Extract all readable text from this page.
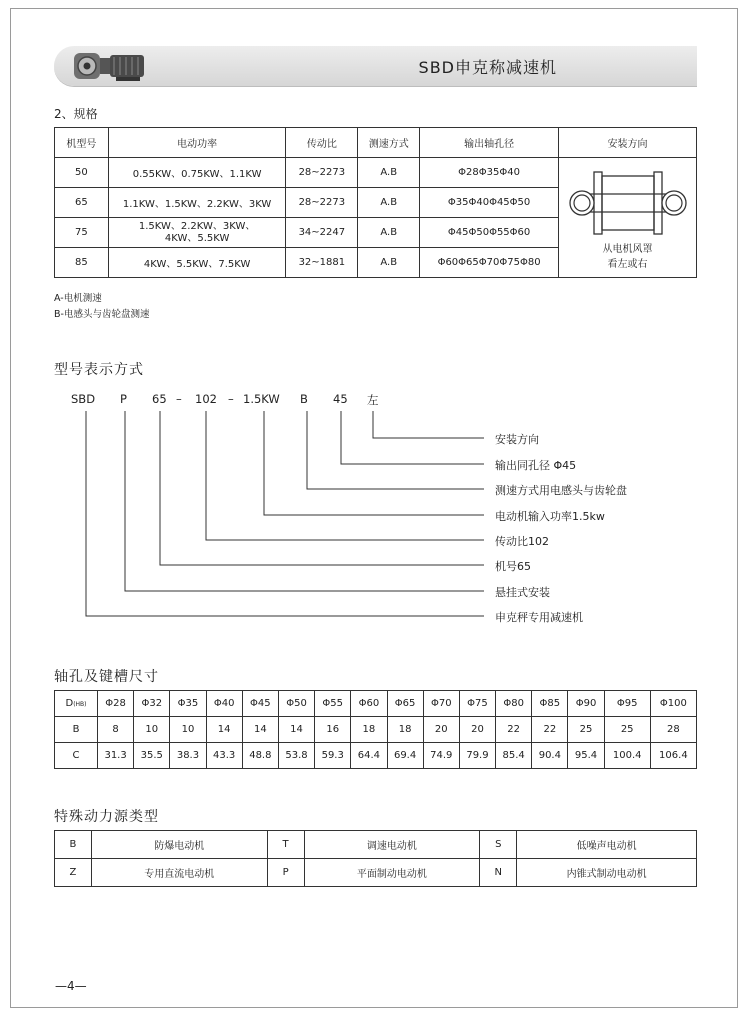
SBD申克称减速机
2、规格
机型号	电动功率	传动比	测速方式	输出轴孔径	安装方向
50	0.55KW、0.75KW、1.1KW	28~2273	A.B	Φ28Φ35Φ40	从电机风罩
看左或右

65	1.1KW、1.5KW、2.2KW、3KW	28~2273	A.B	Φ35Φ40Φ45Φ50	
75	1.5KW、2.2KW、3KW、
4KW、5.5KW	34~2247	A.B	Φ45Φ50Φ55Φ60	
85	4KW、5.5KW、7.5KW	32~1881	A.B	Φ60Φ65Φ70Φ75Φ80	
A-电机测速
B-电感头与齿轮盘测速
型号表示方式
SBD P 65 – 102 – 1.5KW B 45 左
安装方向
输出同孔径 Φ45
测速方式用电感头与齿轮盘
电动机输入功率1.5kw
传动比102
机号65
悬挂式安装
申克秤专用减速机
轴孔及键槽尺寸
D(HB)	Φ28	Φ32	Φ35	Φ40	Φ45	Φ50	Φ55	Φ60	Φ65	Φ70	Φ75	Φ80	Φ85	Φ90	Φ95	Φ100
B	8	10	10	14	14	14	16	18	18	20	20	22	22	25	25	28
C	31.3	35.5	38.3	43.3	48.8	53.8	59.3	64.4	69.4	74.9	79.9	85.4	90.4	95.4	100.4	106.4
特殊动力源类型
B	防爆电动机	T	调速电动机	S	低噪声电动机
Z	专用直流电动机	P	平面制动电动机	N	内锥式制动电动机
—4—
